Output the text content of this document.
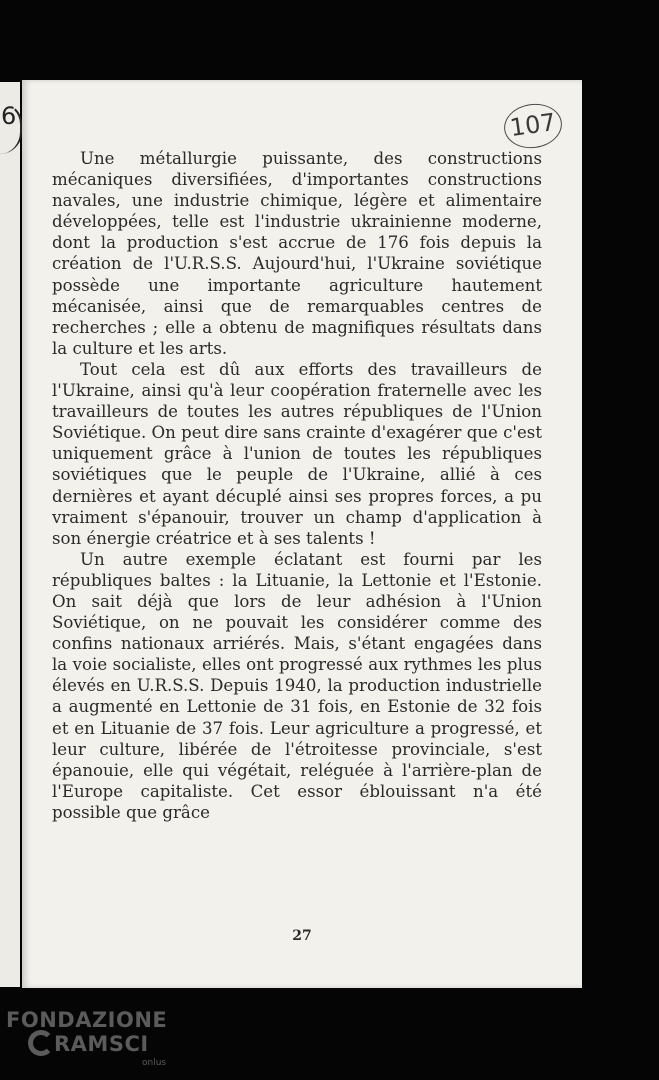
6	107

Une métallurgie puissante, des constructions mécaniques diversifiées, d'importantes constructions navales, une industrie chimique, légère et alimentaire développées, telle est l'industrie ukrainienne moderne, dont la production s'est accrue de 176 fois depuis la création de l'U.R.S.S. Aujourd'hui, l'Ukraine soviétique possède une importante agriculture hautement mécanisée, ainsi que de remarquables centres de recherches ; elle a obtenu de magnifiques résultats dans la culture et les arts.

Tout cela est dû aux efforts des travailleurs de l'Ukraine, ainsi qu'à leur coopération fraternelle avec les travailleurs de toutes les autres républiques de l'Union Soviétique. On peut dire sans crainte d'exagérer que c'est uniquement grâce à l'union de toutes les républiques soviétiques que le peuple de l'Ukraine, allié à ces dernières et ayant décuplé ainsi ses propres forces, a pu vraiment s'épanouir, trouver un champ d'application à son énergie créatrice et à ses talents !

Un autre exemple éclatant est fourni par les républiques baltes : la Lituanie, la Lettonie et l'Estonie. On sait déjà que lors de leur adhésion à l'Union Soviétique, on ne pouvait les considérer comme des confins nationaux arriérés. Mais, s'étant engagées dans la voie socialiste, elles ont progressé aux rythmes les plus élevés en U.R.S.S. Depuis 1940, la production industrielle a augmenté en Lettonie de 31 fois, en Estonie de 32 fois et en Lituanie de 37 fois. Leur agriculture a progressé, et leur culture, libérée de l'étroitesse provinciale, s'est épanouie, elle qui végétait, reléguée à l'arrière-plan de l'Europe capitaliste. Cet essor éblouissant n'a été possible que grâce

27
FONDAZIONE
RAMSCI
onlus
